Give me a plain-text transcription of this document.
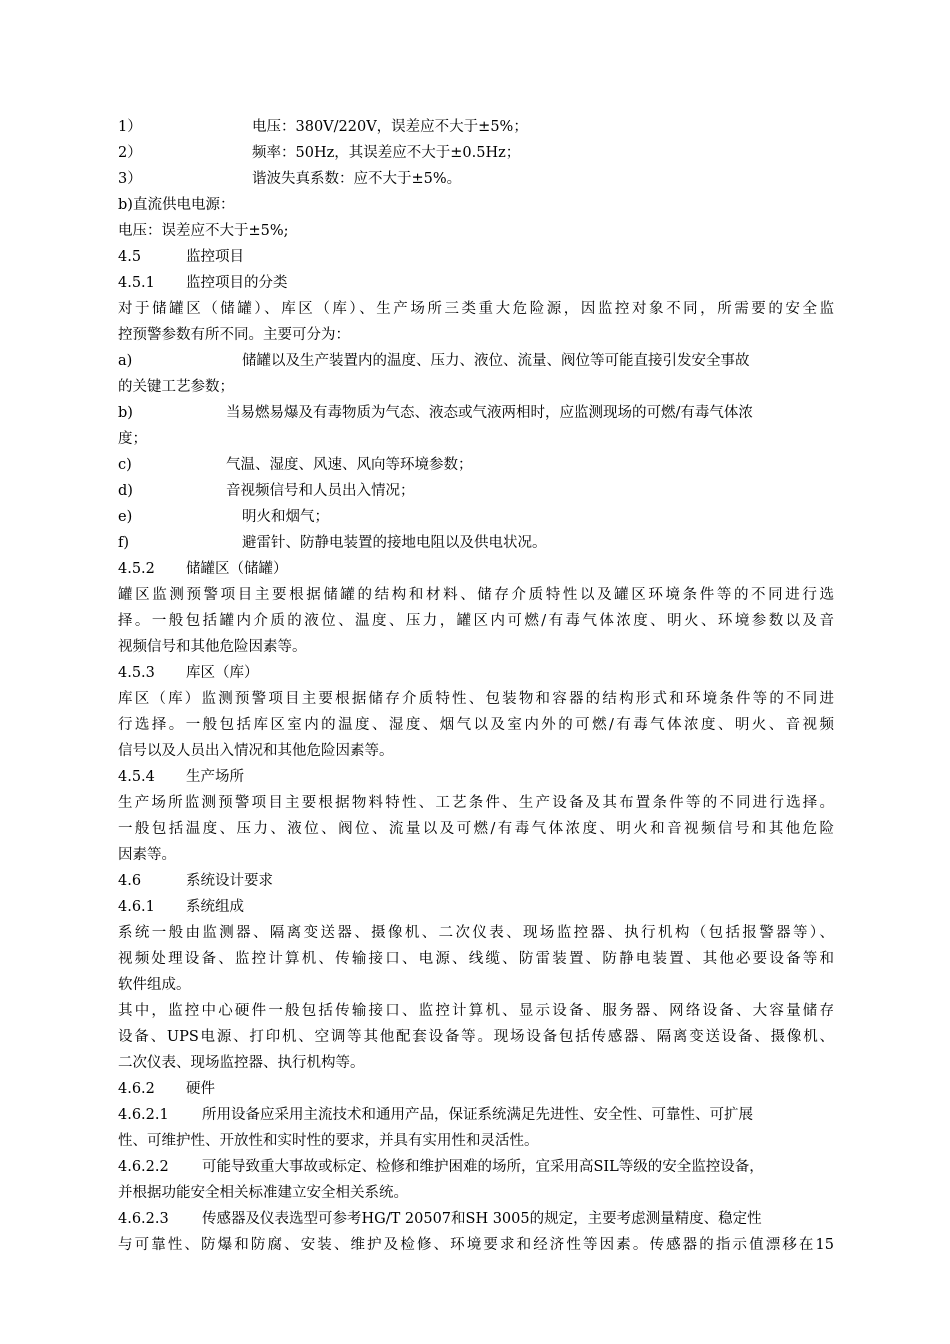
1）	电压：380V/220V，误差应不大于±5%；
2）	频率：50Hz，其误差应不大于±0.5Hz；
3）	谐波失真系数：应不大于±5%。
b)直流供电电源：
电压：误差应不大于±5%;
4.5	监控项目
4.5.1 监控项目的分类
对于储罐区（储罐）、库区（库）、生产场所三类重大危险源，因监控对象不同，所需要的安全监
控预警参数有所不同。主要可分为：
a)	储罐以及生产装置内的温度、压力、液位、流量、阀位等可能直接引发安全事故
的关键工艺参数；
b)	当易燃易爆及有毒物质为气态、液态或气液两相时，应监测现场的可燃/有毒气体浓
度；
c)	气温、湿度、风速、风向等环境参数；
d)	音视频信号和人员出入情况；
e)	明火和烟气；
f)	避雷针、防静电装置的接地电阻以及供电状况。
4.5.2 储罐区（储罐）
罐区监测预警项目主要根据储罐的结构和材料、储存介质特性以及罐区环境条件等的不同进行选
择。一般包括罐内介质的液位、温度、压力，罐区内可燃/有毒气体浓度、明火、环境参数以及音
视频信号和其他危险因素等。
4.5.3 库区（库）
库区（库）监测预警项目主要根据储存介质特性、包装物和容器的结构形式和环境条件等的不同进
行选择。一般包括库区室内的温度、湿度、烟气以及室内外的可燃/有毒气体浓度、明火、音视频
信号以及人员出入情况和其他危险因素等。
4.5.4 生产场所
生产场所监测预警项目主要根据物料特性、工艺条件、生产设备及其布置条件等的不同进行选择。
一般包括温度、压力、液位、阀位、流量以及可燃/有毒气体浓度、明火和音视频信号和其他危险
因素等。
4.6	系统设计要求
4.6.1 系统组成
系统一般由监测器、隔离变送器、摄像机、二次仪表、现场监控器、执行机构（包括报警器等）、
视频处理设备、监控计算机、传输接口、电源、线缆、防雷装置、防静电装置、其他必要设备等和
软件组成。
其中，监控中心硬件一般包括传输接口、监控计算机、显示设备、服务器、网络设备、大容量储存
设备、UPS电源、打印机、空调等其他配套设备等。现场设备包括传感器、隔离变送设备、摄像机、
二次仪表、现场监控器、执行机构等。
4.6.2 硬件
4.6.2.1 所用设备应采用主流技术和通用产品，保证系统满足先进性、安全性、可靠性、可扩展
性、可维护性、开放性和实时性的要求，并具有实用性和灵活性。
4.6.2.2 可能导致重大事故或标定、检修和维护困难的场所，宜采用高SIL等级的安全监控设备，
并根据功能安全相关标准建立安全相关系统。
4.6.2.3 传感器及仪表选型可参考HG/T 20507和SH 3005的规定，主要考虑测量精度、稳定性
与可靠性、防爆和防腐、安装、维护及检修、环境要求和经济性等因素。传感器的指示值漂移在15
